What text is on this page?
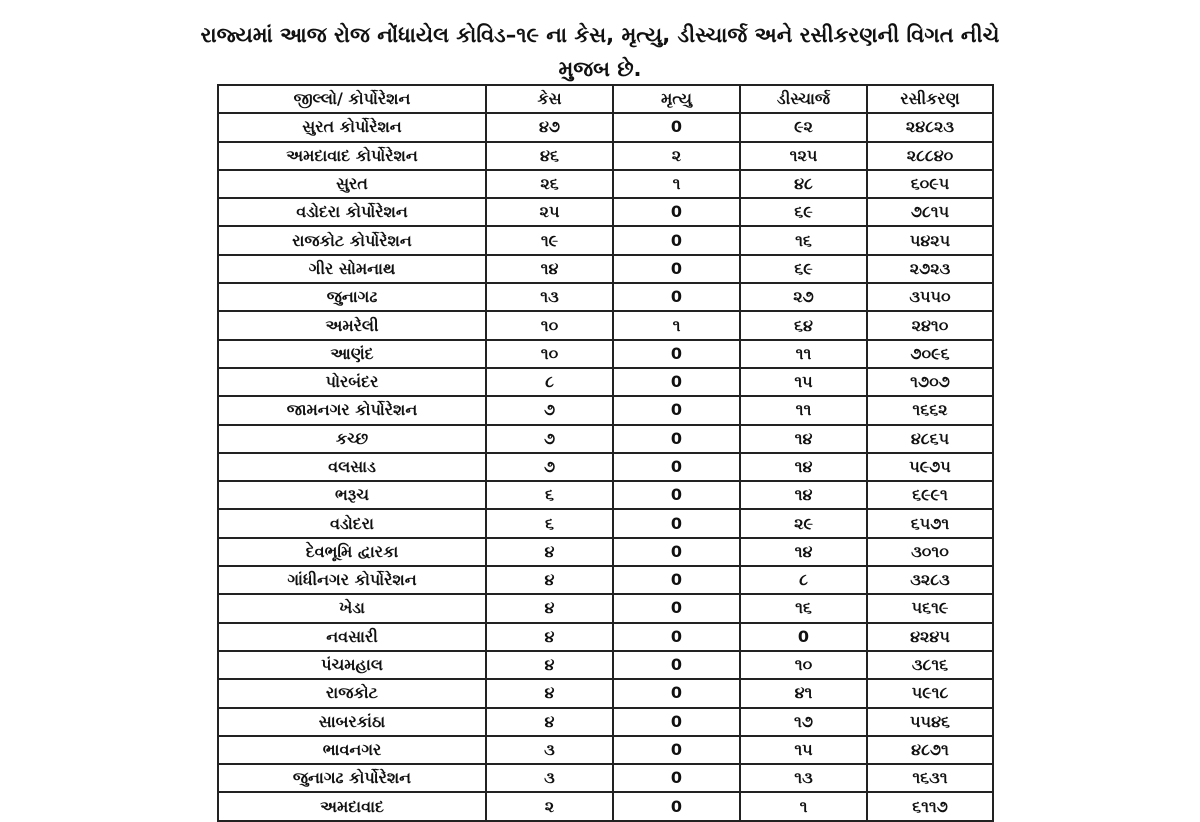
રાજ્યમાં આજ રોજ નોંધાયેલ કોવિડ–૧૯ ના કેસ, મૃત્યુ, ડીસ્ચાર્જ અને રસીકરણની વિગત નીચે
મુજબ છે.
જીલ્લો/ કોર્પોરેશન	કેસ	મૃત્યુ	ડીસ્ચાર્જ	રસીકરણ
સુરત કોર્પોરેશન	૪૭	0	૯૨	૨૪૮૨૩
અમદાવાદ કોર્પોરેશન	૪૬	૨	૧૨૫	૨૮૮૪૦
સુરત	૨૬	૧	૪૮	૬૦૯૫
વડોદરા કોર્પોરેશન	૨૫	0	૬૯	૭૮૧૫
રાજકોટ કોર્પોરેશન	૧૯	0	૧૬	૫૪૨૫
ગીર સોમનાથ	૧૪	0	૬૯	૨૭૨૩
જુનાગઢ	૧૩	0	૨૭	૩૫૫૦
અમરેલી	૧૦	૧	૬૪	૨૪૧૦
આણંદ	૧૦	0	૧૧	૭૦૯૬
પોરબંદર	૮	0	૧૫	૧૭૦૭
જામનગર કોર્પોરેશન	૭	0	૧૧	૧૬૬૨
કચ્છ	૭	0	૧૪	૪૮૬૫
વલસાડ	૭	0	૧૪	૫૯૭૫
ભરૂચ	૬	0	૧૪	૬૯૯૧
વડોદરા	૬	0	૨૯	૬૫૭૧
દેવભૂમિ દ્વારકા	૪	0	૧૪	૩૦૧૦
ગાંધીનગર કોર્પોરેશન	૪	0	૮	૩૨૮૩
ખેડા	૪	0	૧૬	૫૬૧૯
નવસારી	૪	0	0	૪૨૪૫
પંચમહાલ	૪	0	૧૦	૩૮૧૬
રાજકોટ	૪	0	૪૧	૫૯૧૮
સાબરકાંઠા	૪	0	૧૭	૫૫૪૬
ભાવનગર	૩	0	૧૫	૪૮૭૧
જુનાગઢ કોર્પોરેશન	૩	0	૧૩	૧૬૩૧
અમદાવાદ	૨	0	૧	૬૧૧૭
